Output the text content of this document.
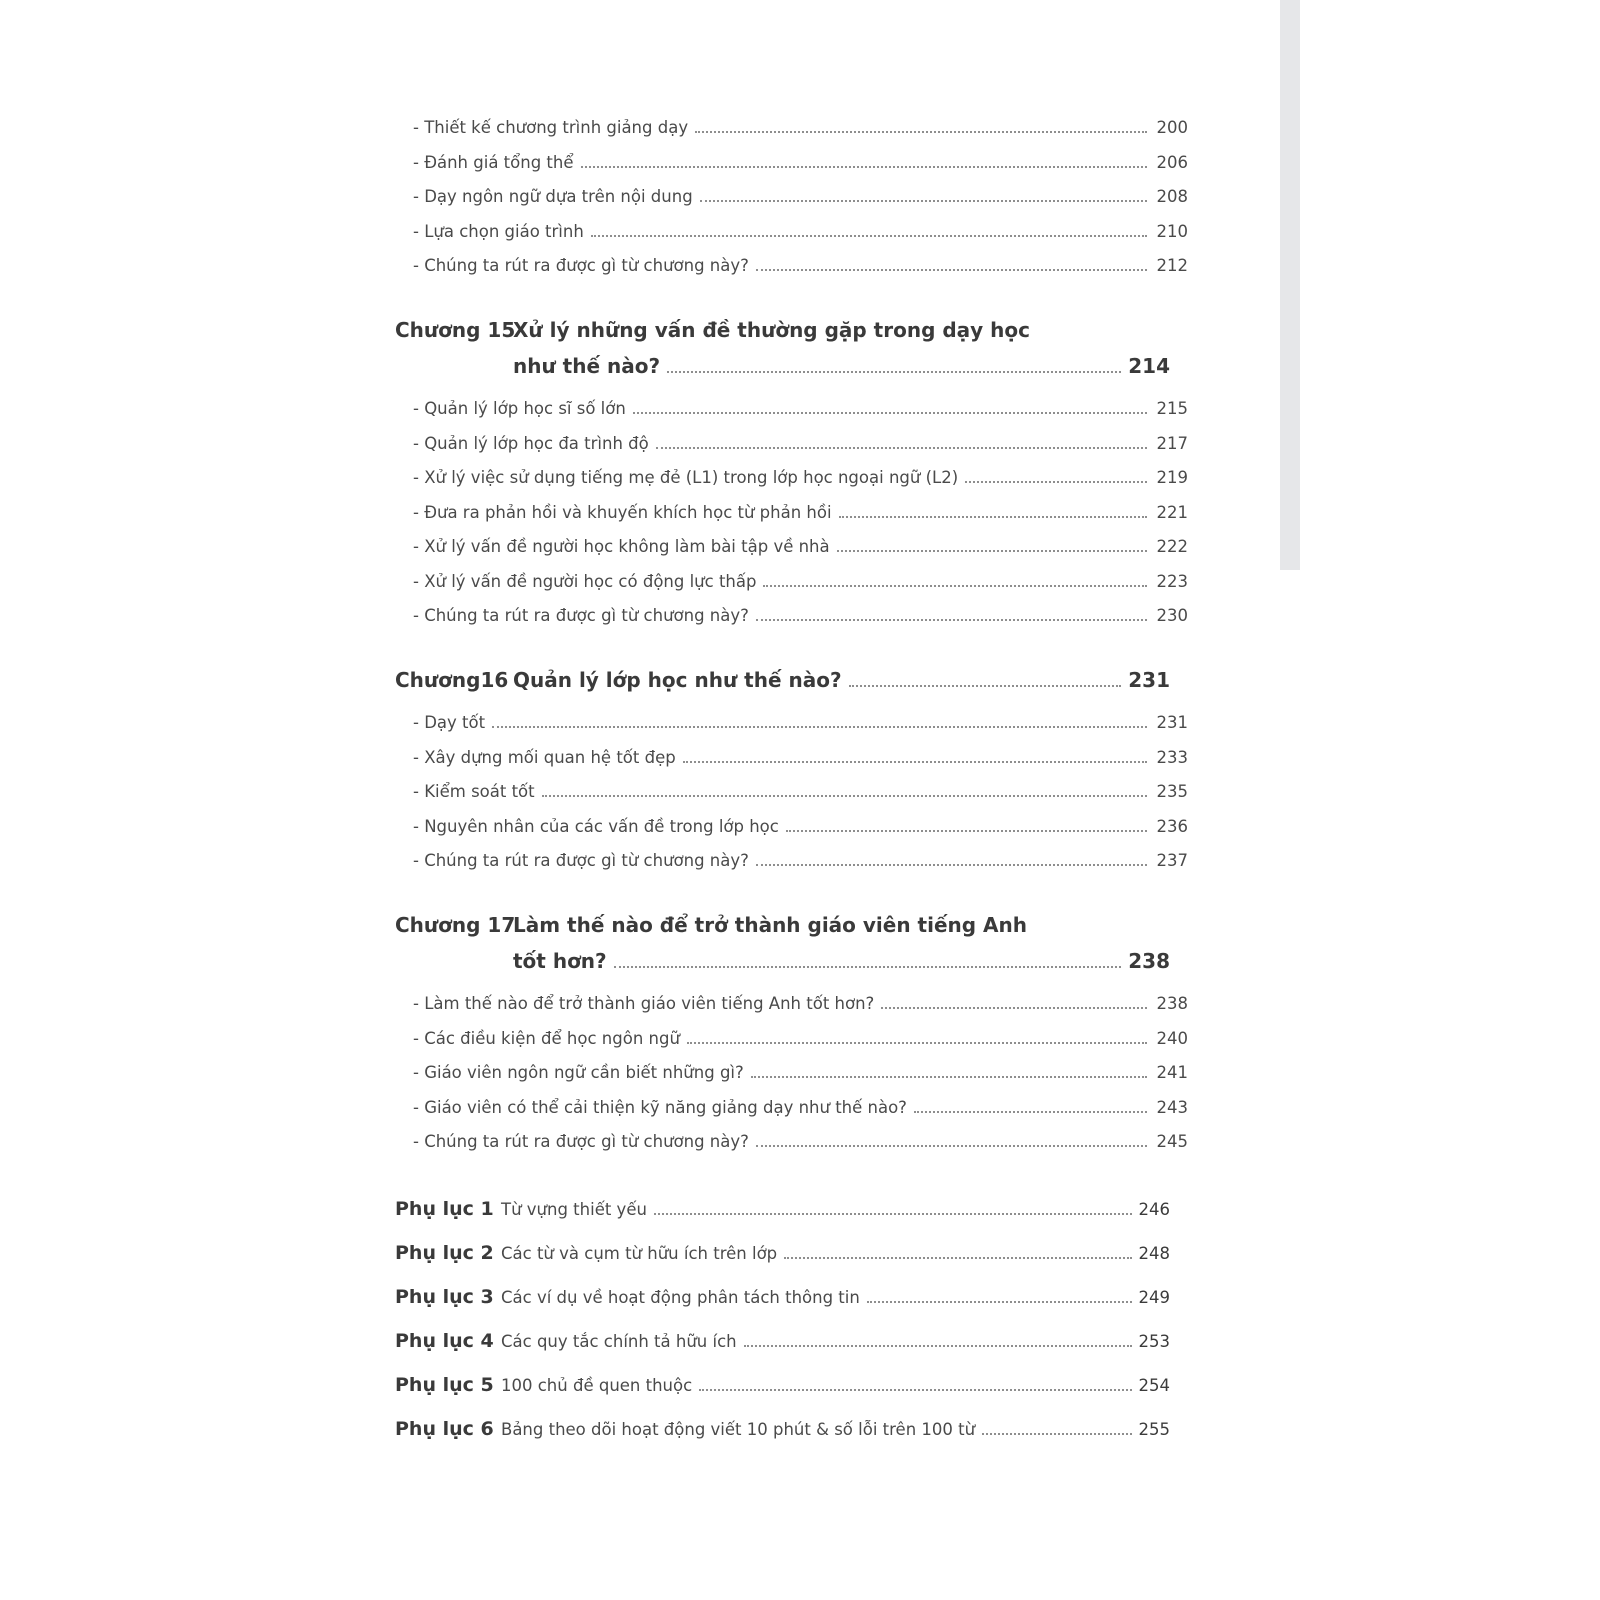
- Thiết kế chương trình giảng dạy	200
- Đánh giá tổng thể	206
- Dạy ngôn ngữ dựa trên nội dung	208
- Lựa chọn giáo trình	210
- Chúng ta rút ra được gì từ chương này?	212
Chương 15
Xử lý những vấn đề thường gặp trong dạy học
như thế nào?	214
- Quản lý lớp học sĩ số lớn	215
- Quản lý lớp học đa trình độ	217
- Xử lý việc sử dụng tiếng mẹ đẻ (L1) trong lớp học ngoại ngữ (L2)	219
- Đưa ra phản hồi và khuyến khích học từ phản hồi	221
- Xử lý vấn đề người học không làm bài tập về nhà	222
- Xử lý vấn đề người học có động lực thấp	223
- Chúng ta rút ra được gì từ chương này?	230
Chương16 Quản lý lớp học như thế nào?	231
- Dạy tốt	231
- Xây dựng mối quan hệ tốt đẹp	233
- Kiểm soát tốt	235
- Nguyên nhân của các vấn đề trong lớp học	236
- Chúng ta rút ra được gì từ chương này?	237
Chương 17
Làm thế nào để trở thành giáo viên tiếng Anh
tốt hơn?	238
- Làm thế nào để trở thành giáo viên tiếng Anh tốt hơn?	238
- Các điều kiện để học ngôn ngữ	240
- Giáo viên ngôn ngữ cần biết những gì?	241
- Giáo viên có thể cải thiện kỹ năng giảng dạy như thế nào?	243
- Chúng ta rút ra được gì từ chương này?	245
Phụ lục 1 Từ vựng thiết yếu	246
Phụ lục 2 Các từ và cụm từ hữu ích trên lớp	248
Phụ lục 3 Các ví dụ về hoạt động phân tách thông tin	249
Phụ lục 4 Các quy tắc chính tả hữu ích	253
Phụ lục 5 100 chủ đề quen thuộc	254
Phụ lục 6 Bảng theo dõi hoạt động viết 10 phút & số lỗi trên 100 từ	255
